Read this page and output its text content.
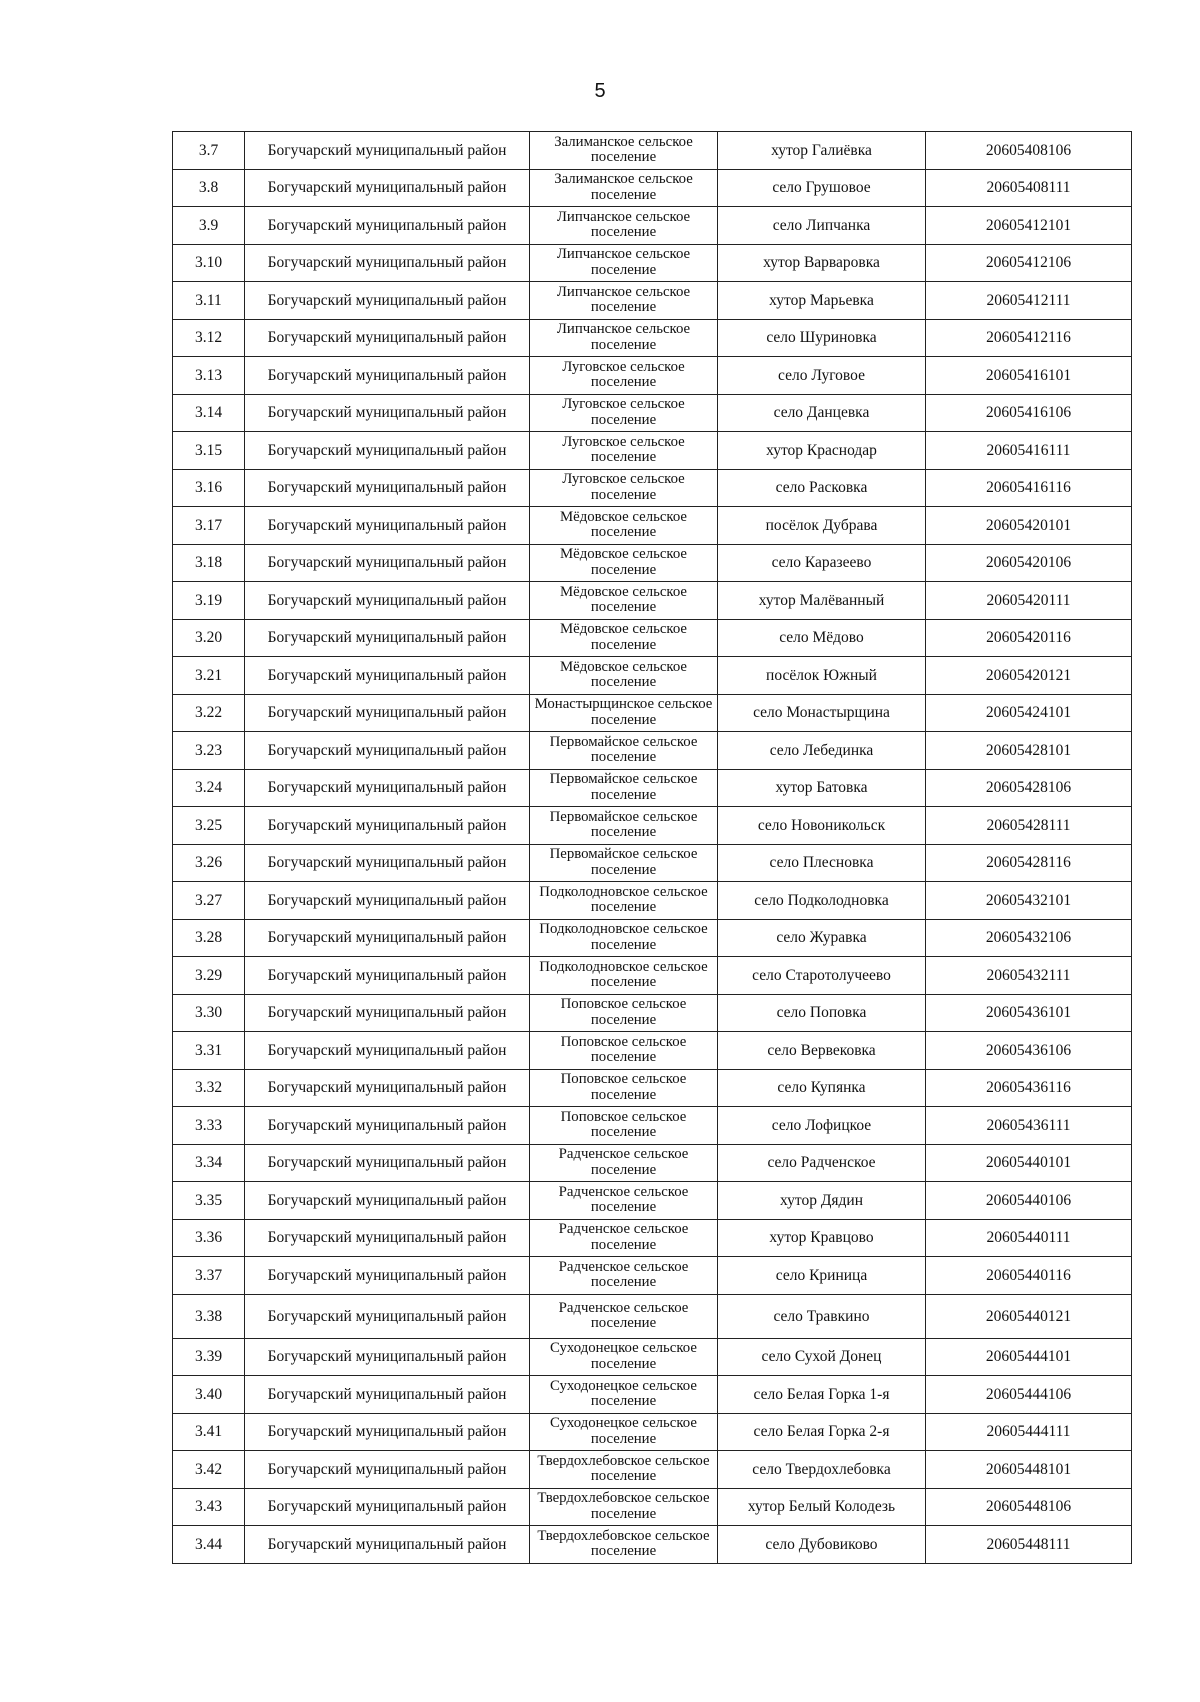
5
3.7	Богучарский муниципальный район	Залиманское сельское поселение	хутор Галиёвка	20605408106
3.8	Богучарский муниципальный район	Залиманское сельское поселение	село Грушовое	20605408111
3.9	Богучарский муниципальный район	Липчанское сельское поселение	село Липчанка	20605412101
3.10	Богучарский муниципальный район	Липчанское сельское поселение	хутор Варваровка	20605412106
3.11	Богучарский муниципальный район	Липчанское сельское поселение	хутор Марьевка	20605412111
3.12	Богучарский муниципальный район	Липчанское сельское поселение	село Шуриновка	20605412116
3.13	Богучарский муниципальный район	Луговское сельское поселение	село Луговое	20605416101
3.14	Богучарский муниципальный район	Луговское сельское поселение	село Данцевка	20605416106
3.15	Богучарский муниципальный район	Луговское сельское поселение	хутор Краснодар	20605416111
3.16	Богучарский муниципальный район	Луговское сельское поселение	село Расковка	20605416116
3.17	Богучарский муниципальный район	Мёдовское сельское поселение	посёлок Дубрава	20605420101
3.18	Богучарский муниципальный район	Мёдовское сельское поселение	село Каразеево	20605420106
3.19	Богучарский муниципальный район	Мёдовское сельское поселение	хутор Малёванный	20605420111
3.20	Богучарский муниципальный район	Мёдовское сельское поселение	село Мёдово	20605420116
3.21	Богучарский муниципальный район	Мёдовское сельское поселение	посёлок Южный	20605420121
3.22	Богучарский муниципальный район	Монастырщинское сельское поселение	село Монастырщина	20605424101
3.23	Богучарский муниципальный район	Первомайское сельское поселение	село Лебединка	20605428101
3.24	Богучарский муниципальный район	Первомайское сельское поселение	хутор Батовка	20605428106
3.25	Богучарский муниципальный район	Первомайское сельское поселение	село Новоникольск	20605428111
3.26	Богучарский муниципальный район	Первомайское сельское поселение	село Плесновка	20605428116
3.27	Богучарский муниципальный район	Подколодновское сельское поселение	село Подколодновка	20605432101
3.28	Богучарский муниципальный район	Подколодновское сельское поселение	село Журавка	20605432106
3.29	Богучарский муниципальный район	Подколодновское сельское поселение	село Старотолучеево	20605432111
3.30	Богучарский муниципальный район	Поповское сельское поселение	село Поповка	20605436101
3.31	Богучарский муниципальный район	Поповское сельское поселение	село Вервековка	20605436106
3.32	Богучарский муниципальный район	Поповское сельское поселение	село Купянка	20605436116
3.33	Богучарский муниципальный район	Поповское сельское поселение	село Лофицкое	20605436111
3.34	Богучарский муниципальный район	Радченское сельское поселение	село Радченское	20605440101
3.35	Богучарский муниципальный район	Радченское сельское поселение	хутор Дядин	20605440106
3.36	Богучарский муниципальный район	Радченское сельское поселение	хутор Кравцово	20605440111
3.37	Богучарский муниципальный район	Радченское сельское поселение	село Криница	20605440116
3.38	Богучарский муниципальный район	Радченское сельское поселение	село Травкино	20605440121
3.39	Богучарский муниципальный район	Суходонецкое сельское поселение	село Сухой Донец	20605444101
3.40	Богучарский муниципальный район	Суходонецкое сельское поселение	село Белая Горка 1-я	20605444106
3.41	Богучарский муниципальный район	Суходонецкое сельское поселение	село Белая Горка 2-я	20605444111
3.42	Богучарский муниципальный район	Твердохлебовское сельское поселение	село Твердохлебовка	20605448101
3.43	Богучарский муниципальный район	Твердохлебовское сельское поселение	хутор Белый Колодезь	20605448106
3.44	Богучарский муниципальный район	Твердохлебовское сельское поселение	село Дубовиково	20605448111
